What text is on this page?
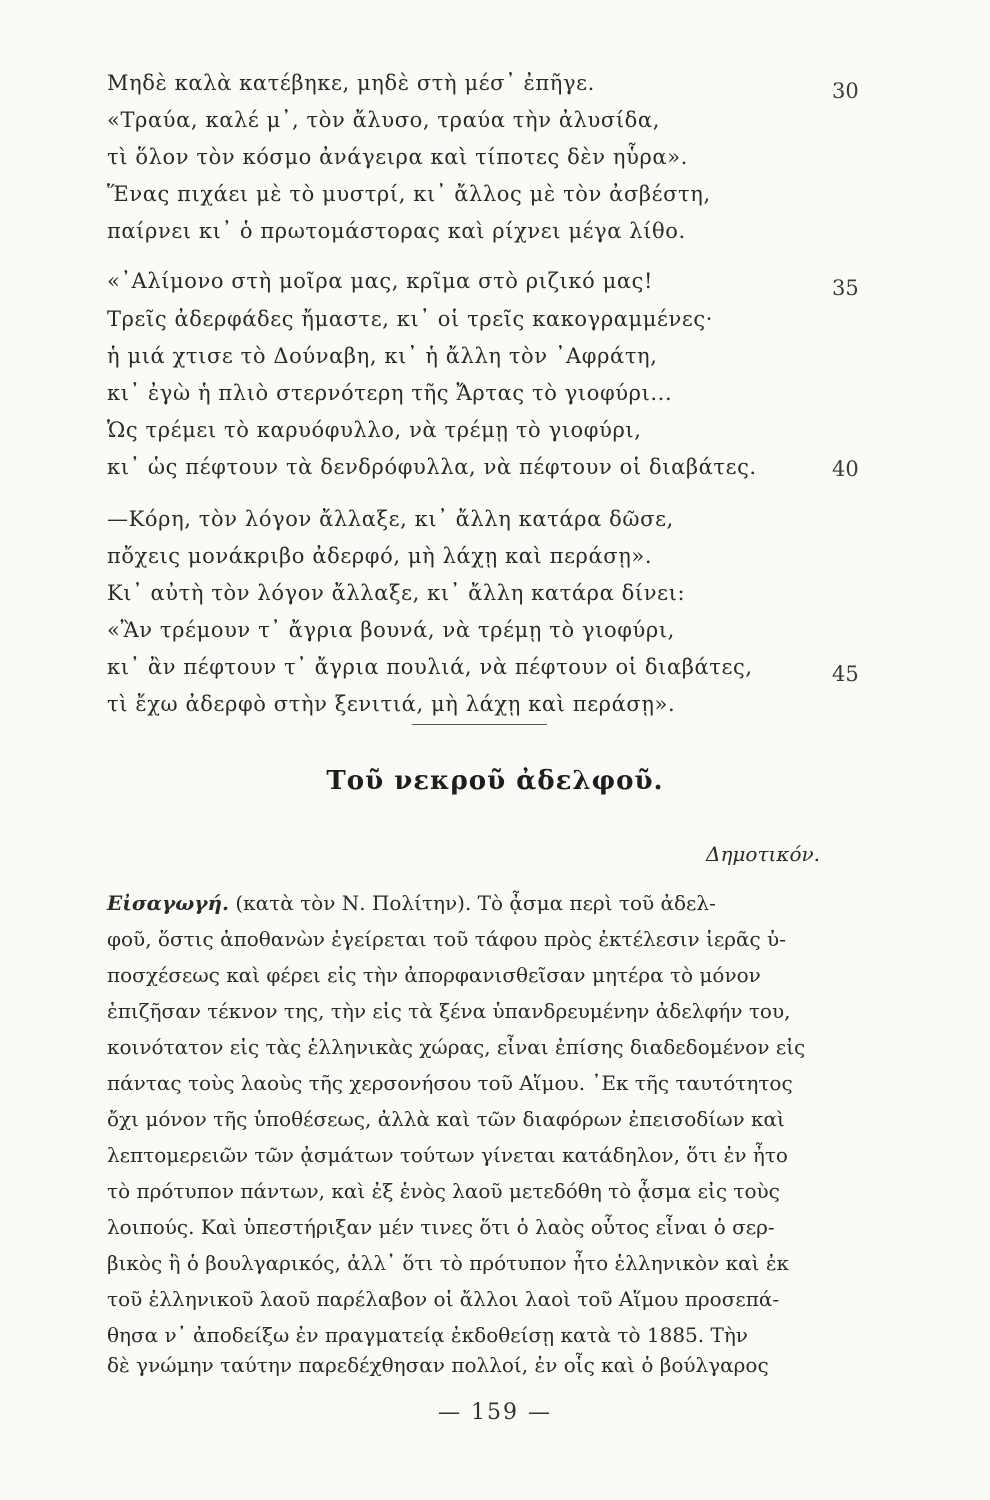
Μηδὲ καλὰ κατέβηκε, μηδὲ στὴ μέσ᾽ ἐπῆγε.
«Τραύα, καλέ μ᾽, τὸν ἄλυσο, τραύα τὴν ἀλυσίδα,
τὶ ὅλον τὸν κόσμο ἀνάγειρα καὶ τίποτες δὲν ηὗρα».
Ἕνας πιχάει μὲ τὸ μυστρί, κι᾽ ἄλλος μὲ τὸν ἀσβέστη,
παίρνει κι᾽ ὁ πρωτομάστορας καὶ ρίχνει μέγα λίθο.
30
«᾽Αλίμονο στὴ μοῖρα μας, κρῖμα στὸ ριζικό μας!
Τρεῖς ἀδερφάδες ἤμαστε, κι᾽ οἱ τρεῖς κακογραμμένες·
ἡ μιά χτισε τὸ Δούναβη, κι᾽ ἡ ἄλλη τὸν ᾽Αφράτη,
κι᾽ ἐγὼ ἡ πλιὸ στερνότερη τῆς Ἄρτας τὸ γιοφύρι...
Ὡς τρέμει τὸ καρυόφυλλο, νὰ τρέμῃ τὸ γιοφύρι,
κι᾽ ὡς πέφτουν τὰ δενδρόφυλλα, νὰ πέφτουν οἱ διαβάτες.
35
40
—Κόρη, τὸν λόγον ἄλλαξε, κι᾽ ἄλλη κατάρα δῶσε,
πὄχεις μονάκριβο ἀδερφό, μὴ λάχῃ καὶ περάσῃ».
Κι᾽ αὐτὴ τὸν λόγον ἄλλαξε, κι᾽ ἄλλη κατάρα δίνει:
«Ἂν τρέμουν τ᾽ ἄγρια βουνά, νὰ τρέμῃ τὸ γιοφύρι,
κι᾽ ἂν πέφτουν τ᾽ ἄγρια πουλιά, νὰ πέφτουν οἱ διαβάτες,
τὶ ἔχω ἀδερφὸ στὴν ξενιτιά, μὴ λάχῃ καὶ περάσῃ».
45
Τοῦ νεκροῦ ἀδελφοῦ.
Δημοτικόν.
Εἰσαγωγή. (κατὰ τὸν Ν. Πολίτην). Τὸ ᾆσμα περὶ τοῦ ἀδελ-
φοῦ, ὅστις ἀποθανὼν ἐγείρεται τοῦ τάφου πρὸς ἐκτέλεσιν ἱερᾶς ὑ-
ποσχέσεως καὶ φέρει εἰς τὴν ἀπορφανισθεῖσαν μητέρα τὸ μόνον
ἐπιζῆσαν τέκνον της, τὴν εἰς τὰ ξένα ὑπανδρευμένην ἀδελφήν του,
κοινότατον εἰς τὰς ἑλληνικὰς χώρας, εἶναι ἐπίσης διαδεδομένον εἰς
πάντας τοὺς λαοὺς τῆς χερσονήσου τοῦ Αἵμου. ᾽Εκ τῆς ταυτότητος
ὄχι μόνον τῆς ὑποθέσεως, ἀλλὰ καὶ τῶν διαφόρων ἐπεισοδίων καὶ
λεπτομερειῶν τῶν ᾀσμάτων τούτων γίνεται κατάδηλον, ὅτι ἐν ἦτο
τὸ πρότυπον πάντων, καὶ ἐξ ἑνὸς λαοῦ μετεδόθη τὸ ᾆσμα εἰς τοὺς
λοιπούς. Καὶ ὑπεστήριξαν μέν τινες ὅτι ὁ λαὸς οὗτος εἶναι ὁ σερ-
βικὸς ἢ ὁ βουλγαρικός, ἀλλ᾽ ὅτι τὸ πρότυπον ἦτο ἑλληνικὸν καὶ ἐκ
τοῦ ἑλληνικοῦ λαοῦ παρέλαβον οἱ ἄλλοι λαοὶ τοῦ Αἵμου προσεπά-
θησα ν᾽ ἀποδείξω ἐν πραγματείᾳ ἐκδοθείσῃ κατὰ τὸ 1885. Τὴν
δὲ γνώμην ταύτην παρεδέχθησαν πολλοί, ἐν οἷς καὶ ὁ βούλγαρος
— 159 —
